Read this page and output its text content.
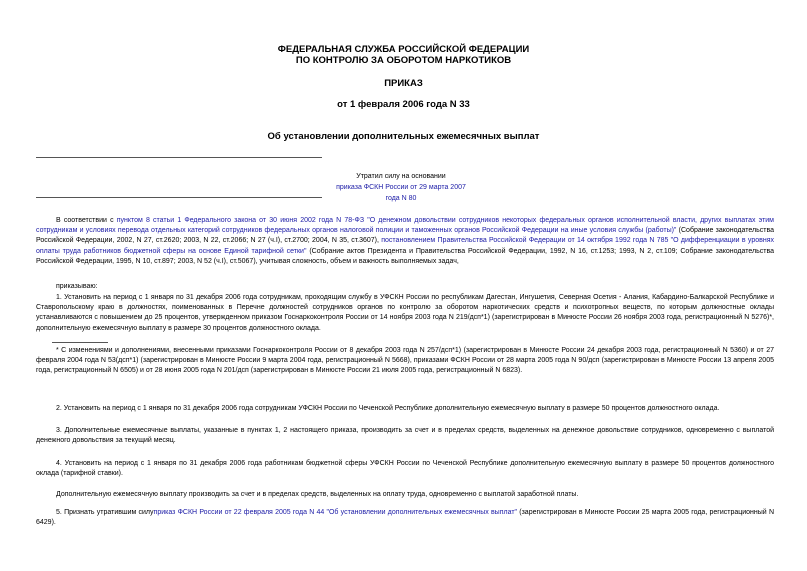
ФЕДЕРАЛЬНАЯ СЛУЖБА РОССИЙСКОЙ ФЕДЕРАЦИИ
ПО КОНТРОЛЮ ЗА ОБОРОТОМ НАРКОТИКОВ
ПРИКАЗ
от 1 февраля 2006 года N 33
Об установлении дополнительных ежемесячных выплат
Утратил силу на основании
приказа ФСКН России от 29 марта 2007 года N 80
В соответствии с пунктом 8 статьи 1 Федерального закона от 30 июня 2002 года N 78-ФЗ "О денежном довольствии сотрудников некоторых федеральных органов исполнительной власти, других выплатах этим сотрудникам и условиях перевода отдельных категорий сотрудников федеральных органов налоговой полиции и таможенных органов Российской Федерации на иные условия службы (работы)" (Собрание законодательства Российской Федерации, 2002, N 27, ст.2620; 2003, N 22, ст.2066; N 27 (ч.I), ст.2700; 2004, N 35, ст.3607), постановлением Правительства Российской Федерации от 14 октября 1992 года N 785 "О дифференциации в уровнях оплаты труда работников бюджетной сферы на основе Единой тарифной сетки" (Собрание актов Президента и Правительства Российской Федерации, 1992, N 16, ст.1253; 1993, N 2, ст.109; Собрание законодательства Российской Федерации, 1995, N 10, ст.897; 2003, N 52 (ч.I), ст.5067), учитывая сложность, объем и важность выполняемых задач,
приказываю:
1. Установить на период с 1 января по 31 декабря 2006 года сотрудникам, проходящим службу в УФСКН России по республикам Дагестан, Ингушетия, Северная Осетия - Алания, Кабардино-Балкарской Республике и Ставропольскому краю в должностях, поименованных в Перечне должностей сотрудников органов по контролю за оборотом наркотических средств и психотропных веществ, по которым должностные оклады устанавливаются с повышением до 25 процентов, утвержденном приказом Госнаркоконтроля России от 14 ноября 2003 года N 219/дсп*1) (зарегистрирован в Минюсте России 26 ноября 2003 года, регистрационный N 5276)*, дополнительную ежемесячную выплату в размере 30 процентов должностного оклада.
* С изменениями и дополнениями, внесенными приказами Госнаркоконтроля России от 8 декабря 2003 года N 257/дсп*1) (зарегистрирован в Минюсте России 24 декабря 2003 года, регистрационный N 5360) и от 27 февраля 2004 года N 53(дсп*1) (зарегистрирован в Минюсте России 9 марта 2004 года, регистрационный N 5668), приказами ФСКН России от 28 марта 2005 года N 90/дсп (зарегистрирован в Минюсте России 13 апреля 2005 года, регистрационный N 6505) и от 28 июня 2005 года N 201/дсп (зарегистрирован в Минюсте России 21 июля 2005 года, регистрационный N 6823).
2. Установить на период с 1 января по 31 декабря 2006 года сотрудникам УФСКН России по Чеченской Республике дополнительную ежемесячную выплату в размере 50 процентов должностного оклада.
3. Дополнительные ежемесячные выплаты, указанные в пунктах 1, 2 настоящего приказа, производить за счет и в пределах средств, выделенных на денежное довольствие сотрудников, одновременно с выплатой денежного довольствия за текущий месяц.
4. Установить на период с 1 января по 31 декабря 2006 года работникам бюджетной сферы УФСКН России по Чеченской Республике дополнительную ежемесячную выплату в размере 50 процентов должностного оклада (тарифной ставки).
Дополнительную ежемесячную выплату производить за счет и в пределах средств, выделенных на оплату труда, одновременно с выплатой заработной платы.
5. Признать утратившим силуприказ ФСКН России от 22 февраля 2005 года N 44 "Об установлении дополнительных ежемесячных выплат" (зарегистрирован в Минюсте России 25 марта 2005 года, регистрационный N 6429).
